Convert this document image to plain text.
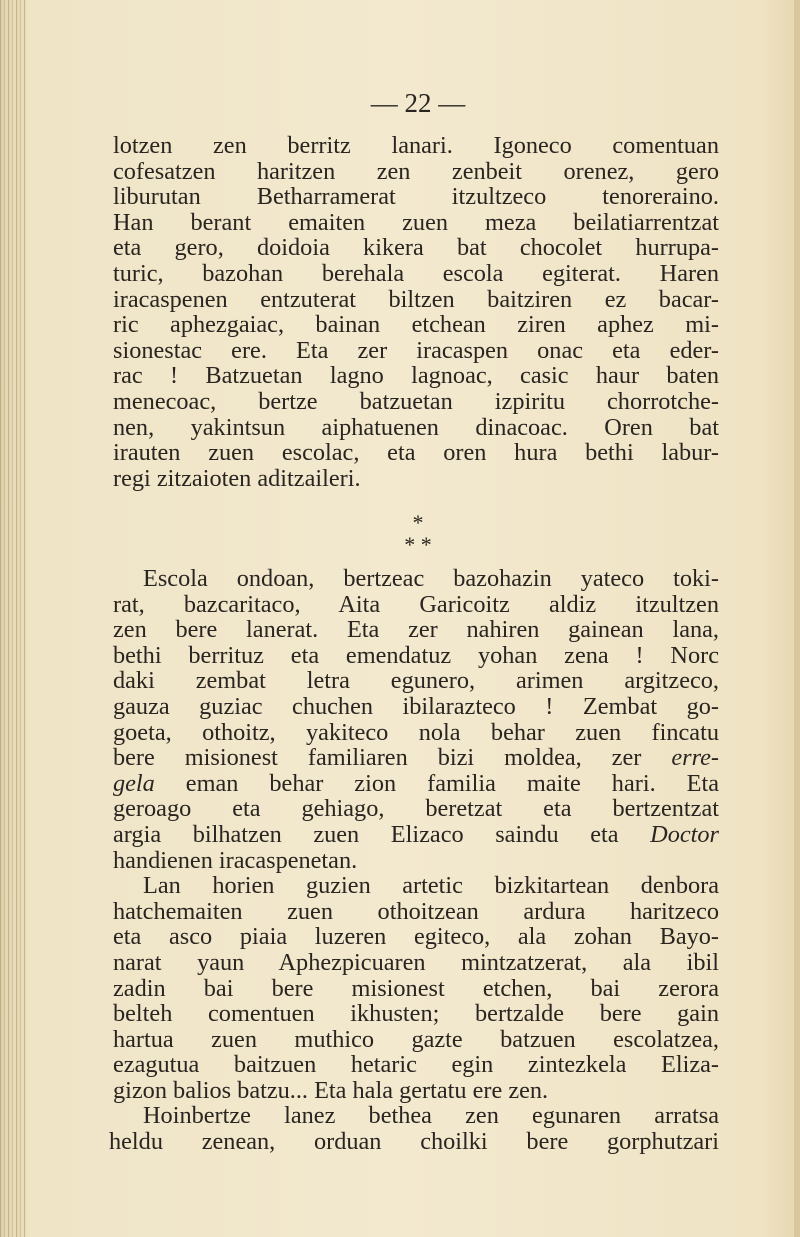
— 22 —
lotzen zen berritz lanari. Igoneco comentuan
cofesatzen haritzen zen zenbeit orenez, gero
liburutan Betharramerat itzultzeco tenoreraino.
Han berant emaiten zuen meza beilatiarrentzat
eta gero, doidoia kikera bat chocolet hurrupa-
turic, bazohan berehala escola egiterat. Haren
iracaspenen entzuterat biltzen baitziren ez bacar-
ric aphezgaiac, bainan etchean ziren aphez mi-
sionestac ere. Eta zer iracaspen onac eta eder-
rac ! Batzuetan lagno lagnoac, casic haur baten
menecoac, bertze batzuetan izpiritu chorrotche-
nen, yakintsun aiphatuenen dinacoac. Oren bat
irauten zuen escolac, eta oren hura bethi labur-
regi zitzaioten aditzaileri.
*
* *
Escola ondoan, bertzeac bazohazin yateco toki-
rat, bazcaritaco, Aita Garicoitz aldiz itzultzen
zen bere lanerat. Eta zer nahiren gainean lana,
bethi berrituz eta emendatuz yohan zena ! Norc
daki zembat letra egunero, arimen argitzeco,
gauza guziac chuchen ibilarazteco ! Zembat go-
goeta, othoitz, yakiteco nola behar zuen fincatu
bere misionest familiaren bizi moldea, zer erre-
gela eman behar zion familia maite hari. Eta
geroago eta gehiago, beretzat eta bertzentzat
argia bilhatzen zuen Elizaco saindu eta Doctor
handienen iracaspenetan.
Lan horien guzien artetic bizkitartean denbora
hatchemaiten zuen othoitzean ardura haritzeco
eta asco piaia luzeren egiteco, ala zohan Bayo-
narat yaun Aphezpicuaren mintzatzerat, ala ibil
zadin bai bere misionest etchen, bai zerora
belteh comentuen ikhusten; bertzalde bere gain
hartua zuen muthico gazte batzuen escolatzea,
ezagutua baitzuen hetaric egin zintezkela Eliza-
gizon balios batzu... Eta hala gertatu ere zen.
Hoinbertze lanez bethea zen egunaren arratsa
heldu zenean, orduan choilki bere gorphutzari
